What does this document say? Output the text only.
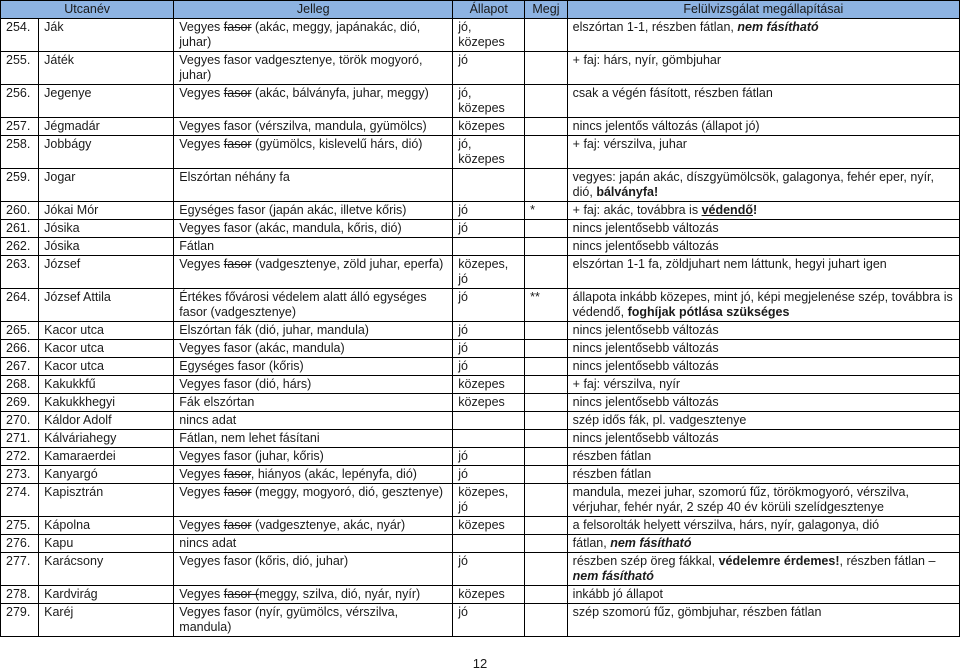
Utcanév		Jelleg	Állapot	Megj	Felülvizsgálat megállapításai
254.	Ják	Vegyes fasor (akác, meggy, japánakác, dió, juhar)	jó, közepes		elszórtan 1-1, részben fátlan, nem fásítható
255.	Játék	Vegyes fasor vadgesztenye, török mogyoró, juhar)	jó		+ faj: hárs, nyír, gömbjuhar
256.	Jegenye	Vegyes fasor (akác, bálványfa, juhar, meggy)	jó, közepes		csak a végén fásított, részben fátlan
257.	Jégmadár	Vegyes fasor (vérszilva, mandula, gyümölcs)	közepes		nincs jelentős változás (állapot jó)
258.	Jobbágy	Vegyes fasor (gyümölcs, kislevelű hárs, dió)	jó, közepes		+ faj: vérszilva, juhar
259.	Jogar	Elszórtan néhány fa			vegyes: japán akác, díszgyümölcsök, galagonya, fehér eper, nyír, dió, bálványfa!
260.	Jókai Mór	Egységes fasor (japán akác, illetve kőris)	jó	*	+ faj: akác, továbbra is védendő!
261.	Jósika	Vegyes fasor (akác, mandula, kőris, dió)	jó		nincs jelentősebb változás
262.	Jósika	Fátlan			nincs jelentősebb változás
263.	József	Vegyes fasor (vadgesztenye, zöld juhar, eperfa)	közepes, jó		elszórtan 1-1 fa, zöldjuhart nem láttunk, hegyi juhart igen
264.	József Attila	Értékes fővárosi védelem alatt álló egységes fasor (vadgesztenye)	jó	**	állapota inkább közepes, mint jó, képi megjelenése szép, továbbra is védendő, foghíjak pótlása szükséges
265.	Kacor utca	Elszórtan fák (dió, juhar, mandula)	jó		nincs jelentősebb változás
266.	Kacor utca	Vegyes fasor (akác, mandula)	jó		nincs jelentősebb változás
267.	Kacor utca	Egységes fasor (kőris)	jó		nincs jelentősebb változás
268.	Kakukkfű	Vegyes fasor (dió, hárs)	közepes		+ faj: vérszilva, nyír
269.	Kakukkhegyi	Fák elszórtan	közepes		nincs jelentősebb változás
270.	Káldor Adolf	nincs adat			szép idős fák, pl. vadgesztenye
271.	Kálváriahegy	Fátlan, nem lehet fásítani			nincs jelentősebb változás
272.	Kamaraerdei	Vegyes fasor (juhar, kőris)	jó		részben fátlan
273.	Kanyargó	Vegyes fasor, hiányos (akác, lepényfa, dió)	jó		részben fátlan
274.	Kapisztrán	Vegyes fasor (meggy, mogyoró, dió, gesztenye)	közepes, jó		mandula, mezei juhar, szomorú fűz, törökmogyoró, vérszilva, vérjuhar, fehér nyár, 2 szép 40 év körüli szelídgesztenye
275.	Kápolna	Vegyes fasor (vadgesztenye, akác, nyár)	közepes		a felsorolták helyett vérszilva, hárs, nyír, galagonya, dió
276.	Kapu	nincs adat			fátlan, nem fásítható
277.	Karácsony	Vegyes fasor (kőris, dió, juhar)	jó		részben szép öreg fákkal, védelemre érdemes!, részben fátlan – nem fásítható
278.	Kardvirág	Vegyes fasor (meggy, szilva, dió, nyár, nyír)	közepes		inkább jó állapot
279.	Karéj	Vegyes fasor (nyír, gyümölcs, vérszilva, mandula)	jó		szép szomorú fűz, gömbjuhar, részben fátlan
12
